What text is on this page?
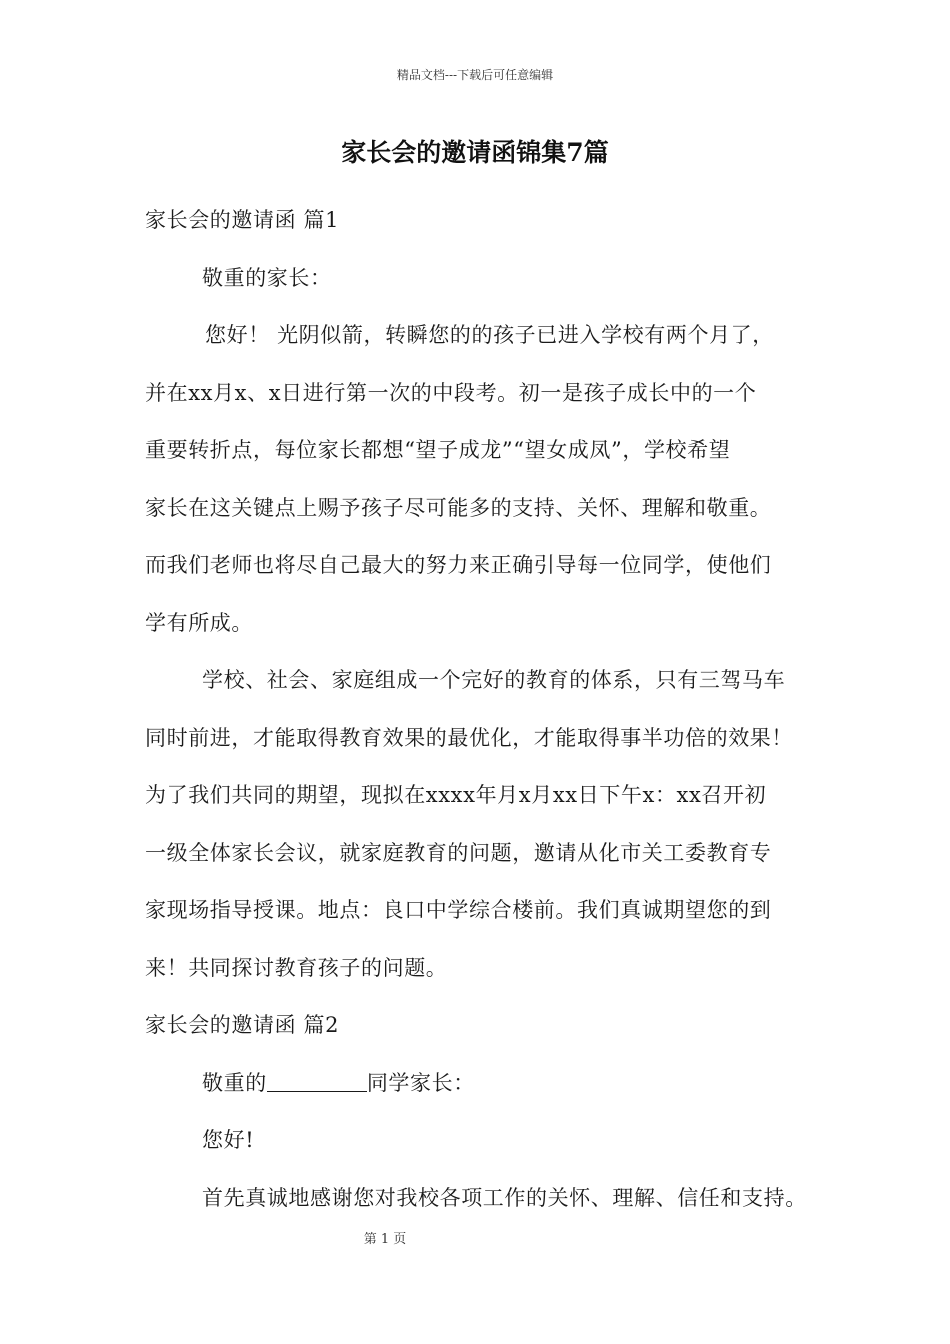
精品文档---下载后可任意编辑
家长会的邀请函锦集7篇
家长会的邀请函 篇1
敬重的家长：
您好！ 光阴似箭，转瞬您的的孩子已进入学校有两个月了，
并在xx月x、x日进行第一次的中段考。初一是孩子成长中的一个
重要转折点，每位家长都想“望子成龙”“望女成凤”，学校希望
家长在这关键点上赐予孩子尽可能多的支持、关怀、理解和敬重。
而我们老师也将尽自己最大的努力来正确引导每一位同学，使他们
学有所成。
学校、社会、家庭组成一个完好的教育的体系，只有三驾马车
同时前进，才能取得教育效果的最优化，才能取得事半功倍的效果！
为了我们共同的期望，现拟在xxxx年月x月xx日下午x：xx召开初
一级全体家长会议，就家庭教育的问题，邀请从化市关工委教育专
家现场指导授课。地点：良口中学综合楼前。我们真诚期望您的到
来！共同探讨教育孩子的问题。
家长会的邀请函 篇2
敬重的	同学家长：
您好!
首先真诚地感谢您对我校各项工作的关怀、理解、信任和支持。
第 1 页
